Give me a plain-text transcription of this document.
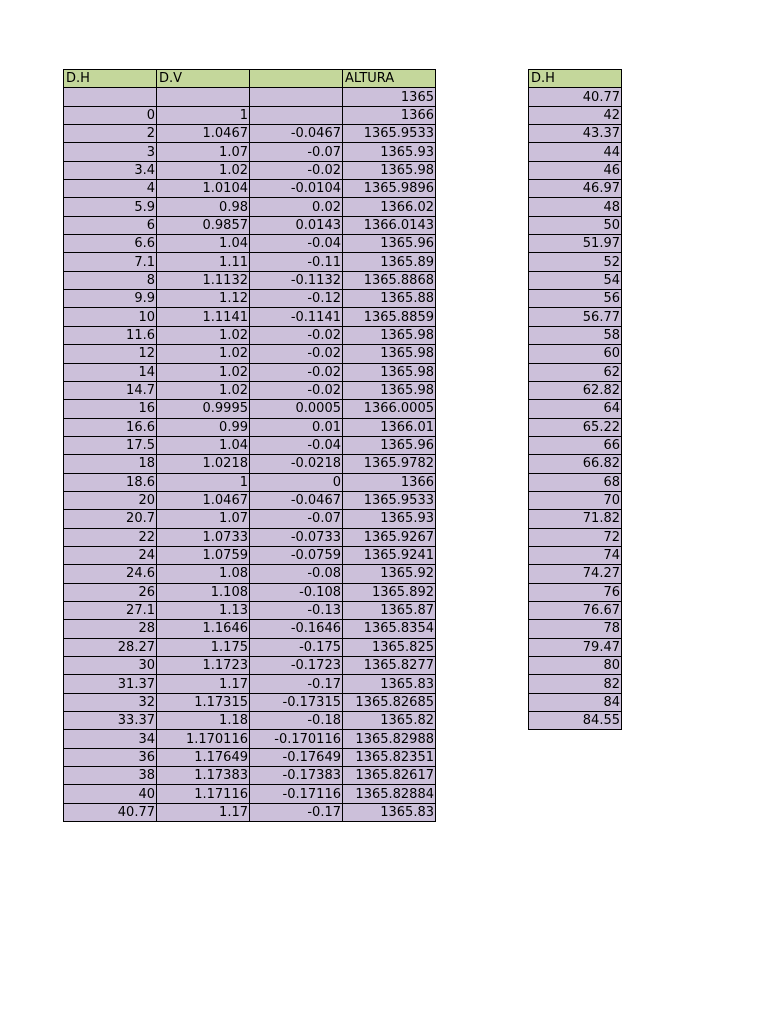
D.H	D.V		ALTURA
			1365
0	1		1366
2	1.0467	-0.0467	1365.9533
3	1.07	-0.07	1365.93
3.4	1.02	-0.02	1365.98
4	1.0104	-0.0104	1365.9896
5.9	0.98	0.02	1366.02
6	0.9857	0.0143	1366.0143
6.6	1.04	-0.04	1365.96
7.1	1.11	-0.11	1365.89
8	1.1132	-0.1132	1365.8868
9.9	1.12	-0.12	1365.88
10	1.1141	-0.1141	1365.8859
11.6	1.02	-0.02	1365.98
12	1.02	-0.02	1365.98
14	1.02	-0.02	1365.98
14.7	1.02	-0.02	1365.98
16	0.9995	0.0005	1366.0005
16.6	0.99	0.01	1366.01
17.5	1.04	-0.04	1365.96
18	1.0218	-0.0218	1365.9782
18.6	1	0	1366
20	1.0467	-0.0467	1365.9533
20.7	1.07	-0.07	1365.93
22	1.0733	-0.0733	1365.9267
24	1.0759	-0.0759	1365.9241
24.6	1.08	-0.08	1365.92
26	1.108	-0.108	1365.892
27.1	1.13	-0.13	1365.87
28	1.1646	-0.1646	1365.8354
28.27	1.175	-0.175	1365.825
30	1.1723	-0.1723	1365.8277
31.37	1.17	-0.17	1365.83
32	1.17315	-0.17315	1365.82685
33.37	1.18	-0.18	1365.82
34	1.170116	-0.170116	1365.82988
36	1.17649	-0.17649	1365.82351
38	1.17383	-0.17383	1365.82617
40	1.17116	-0.17116	1365.82884
40.77	1.17	-0.17	1365.83
D.H
40.77
42
43.37
44
46
46.97
48
50
51.97
52
54
56
56.77
58
60
62
62.82
64
65.22
66
66.82
68
70
71.82
72
74
74.27
76
76.67
78
79.47
80
82
84
84.55
